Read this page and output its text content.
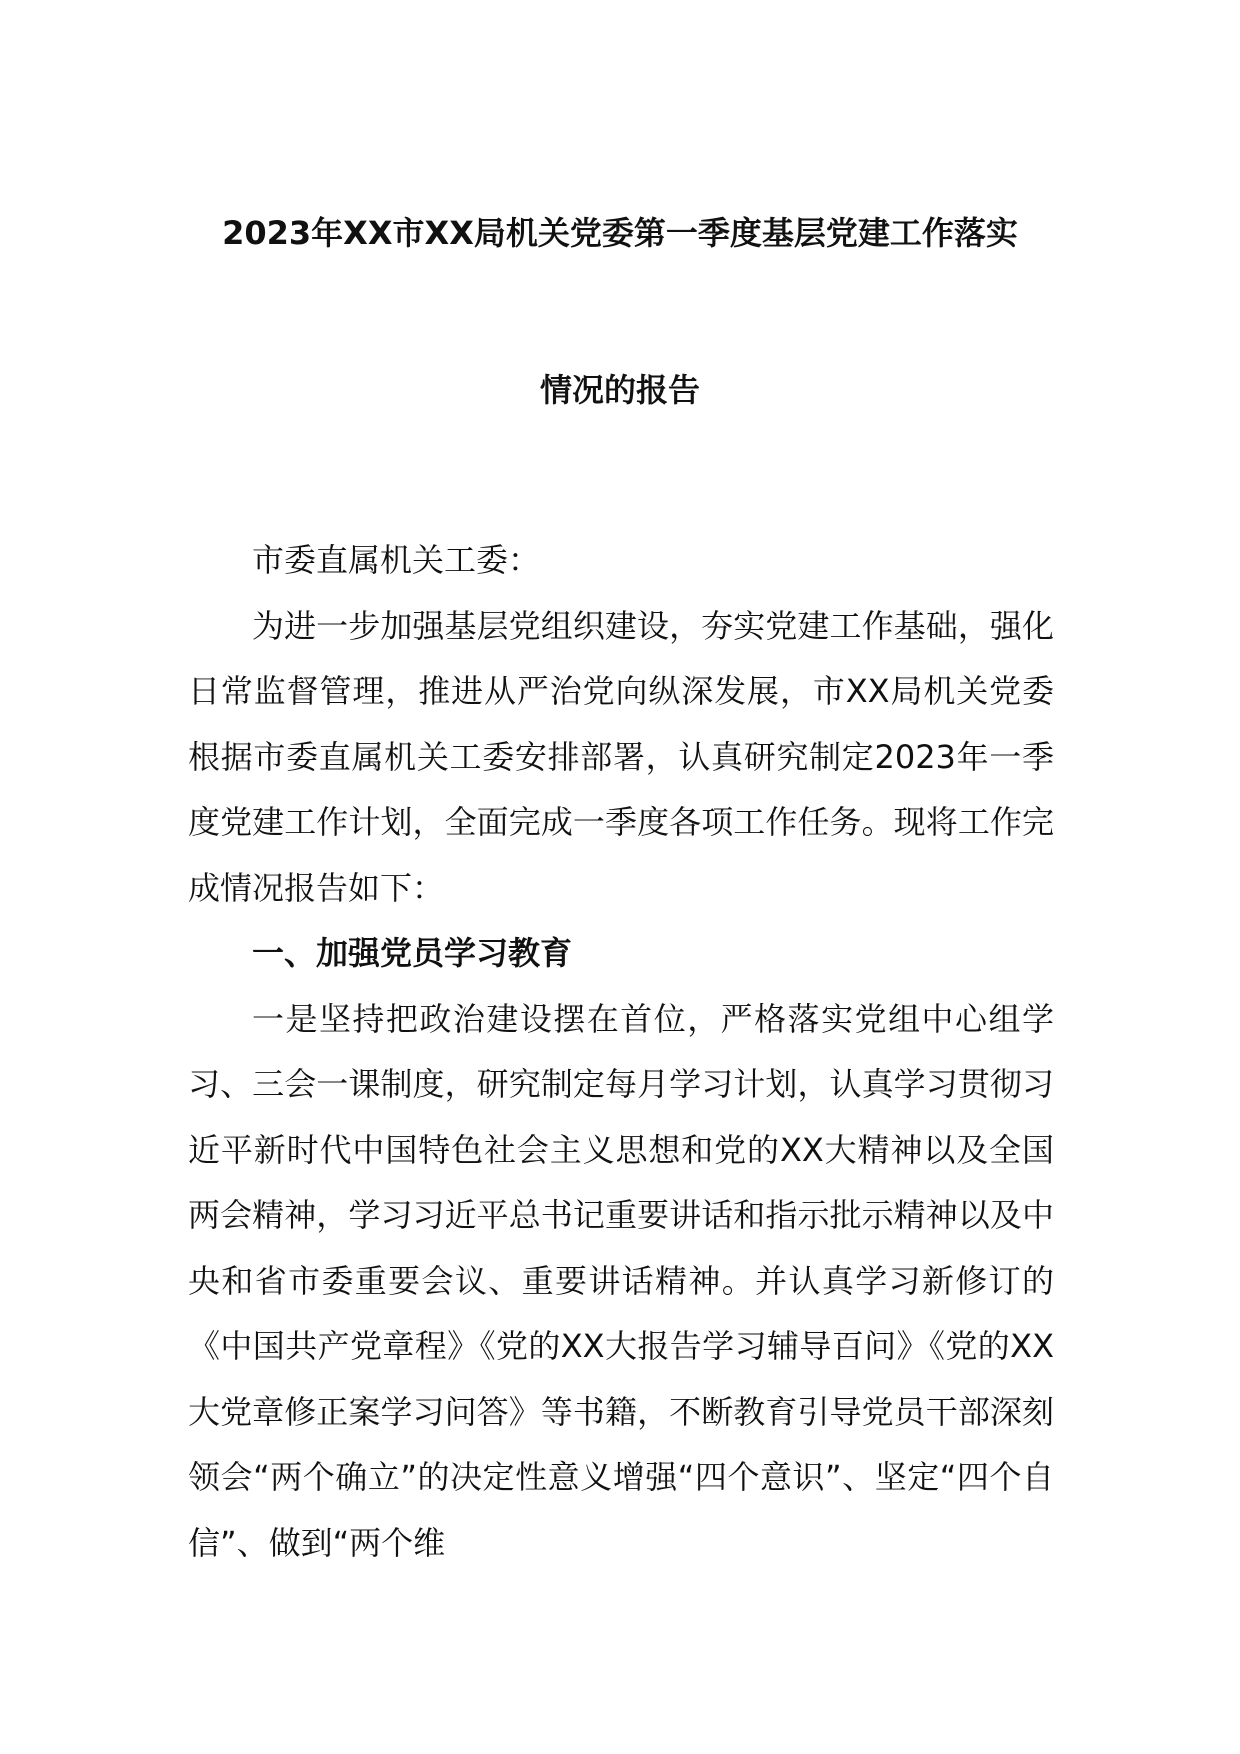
2023年XX市XX局机关党委第一季度基层党建工作落实
情况的报告

市委直属机关工委：

为进一步加强基层党组织建设，夯实党建工作基础，强化日常监督管理，推进从严治党向纵深发展，市XX局机关党委根据市委直属机关工委安排部署，认真研究制定2023年一季度党建工作计划，全面完成一季度各项工作任务。现将工作完成情况报告如下：

一、加强党员学习教育

一是坚持把政治建设摆在首位，严格落实党组中心组学习、三会一课制度，研究制定每月学习计划，认真学习贯彻习近平新时代中国特色社会主义思想和党的XX大精神以及全国两会精神，学习习近平总书记重要讲话和指示批示精神以及中央和省市委重要会议、重要讲话精神。并认真学习新修订的《中国共产党章程》《党的XX大报告学习辅导百问》《党的XX大党章修正案学习问答》等书籍，不断教育引导党员干部深刻领会“两个确立”的决定性意义增强“四个意识”、坚定“四个自信”、做到“两个维
